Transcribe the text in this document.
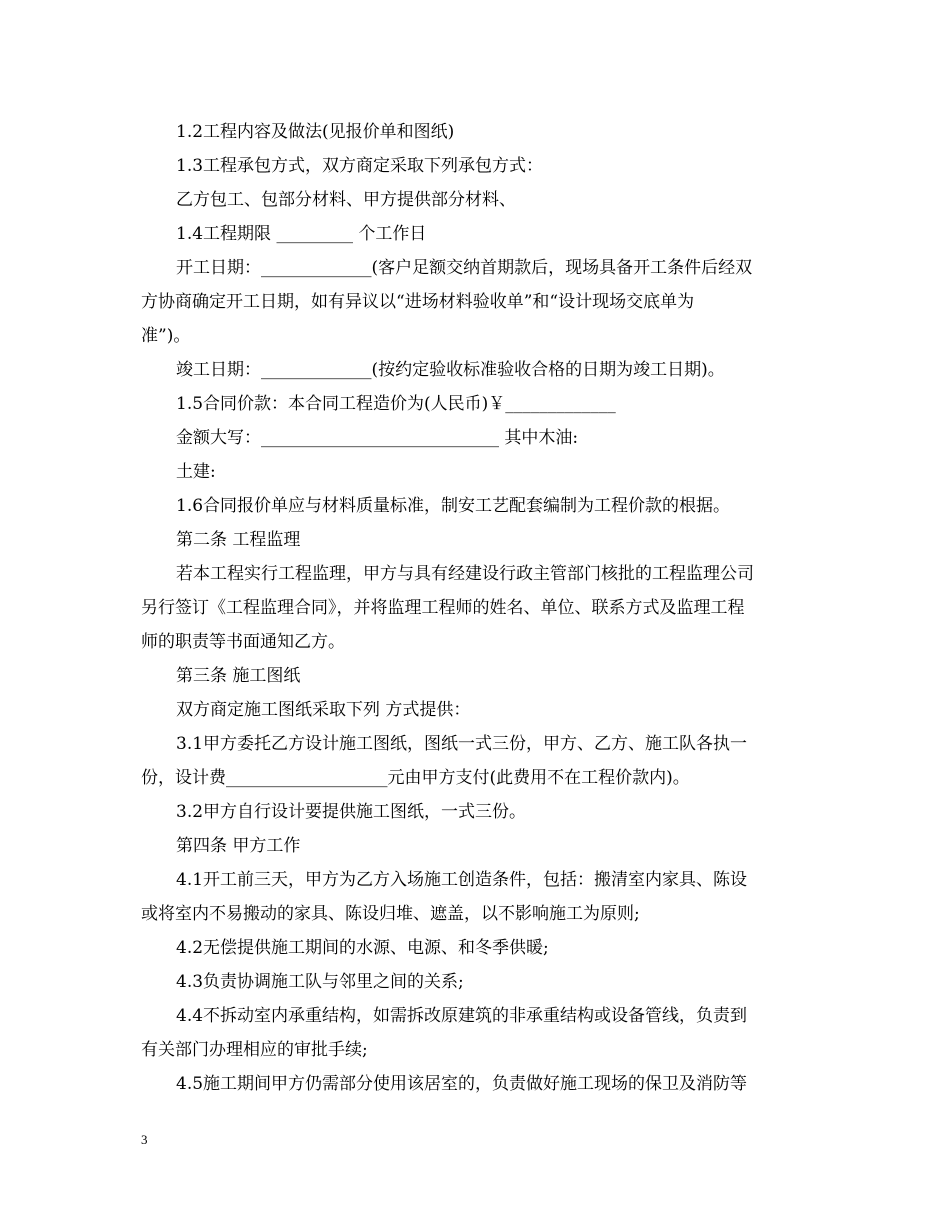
1.2工程内容及做法(见报价单和图纸)
1.3工程承包方式，双方商定采取下列承包方式：
乙方包工、包部分材料、甲方提供部分材料、
1.4工程期限 _________ 个工作日
开工日期：_____________(客户足额交纳首期款后，现场具备开工条件后经双
方协商确定开工日期，如有异议以“进场材料验收单”和“设计现场交底单为
准”)。
竣工日期：_____________(按约定验收标准验收合格的日期为竣工日期)。
1.5合同价款：本合同工程造价为(人民币)￥_____________
金额大写：____________________________ 其中木油:
土建:
1.6合同报价单应与材料质量标准，制安工艺配套编制为工程价款的根据。
第二条 工程监理
若本工程实行工程监理，甲方与具有经建设行政主管部门核批的工程监理公司
另行签订《工程监理合同》，并将监理工程师的姓名、单位、联系方式及监理工程
师的职责等书面通知乙方。
第三条 施工图纸
双方商定施工图纸采取下列 方式提供：
3.1甲方委托乙方设计施工图纸，图纸一式三份，甲方、乙方、施工队各执一
份，设计费___________________元由甲方支付(此费用不在工程价款内)。
3.2甲方自行设计要提供施工图纸，一式三份。
第四条 甲方工作
4.1开工前三天，甲方为乙方入场施工创造条件，包括：搬清室内家具、陈设
或将室内不易搬动的家具、陈设归堆、遮盖，以不影响施工为原则;
4.2无偿提供施工期间的水源、电源、和冬季供暖;
4.3负责协调施工队与邻里之间的关系;
4.4不拆动室内承重结构，如需拆改原建筑的非承重结构或设备管线，负责到
有关部门办理相应的审批手续;
4.5施工期间甲方仍需部分使用该居室的，负责做好施工现场的保卫及消防等
3
